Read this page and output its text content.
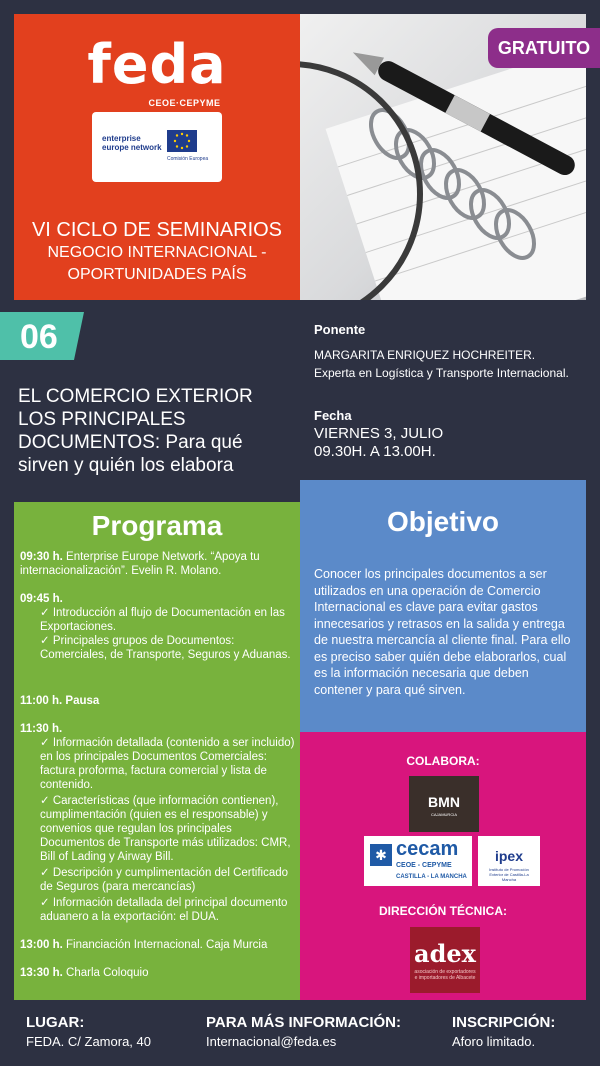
feda
CEOE·CEPYME
enterprise europe network
Comisión Europea
VI CICLO DE SEMINARIOS
NEGOCIO INTERNACIONAL -
OPORTUNIDADES PAÍS
GRATUITO
06
EL COMERCIO EXTERIOR LOS PRINCIPALES DOCUMENTOS: Para qué sirven y quién los elabora
Ponente
MARGARITA ENRIQUEZ HOCHREITER.
Experta en Logística y Transporte Internacional.
Fecha
VIERNES 3, JULIO
09.30H. A 13.00H.
Programa
09:30 h. Enterprise Europe Network. “Apoya tu internacionalización”. Evelin R. Molano.
09:45 h.
✓ Introducción al flujo de Documentación en las Exportaciones.
✓ Principales grupos de Documentos: Comerciales, de Transporte, Seguros y Aduanas.
11:00 h. Pausa
11:30 h.
✓ Información detallada (contenido a ser incluido) en los principales Documentos Comerciales: factura proforma, factura comercial y lista de contenido.
✓ Características (que información contienen), cumplimentación (quien es el responsable) y convenios que regulan los principales Documentos de Transporte más utilizados: CMR, Bill of Lading y Airway Bill.
✓ Descripción y cumplimentación del Certificado de Seguros (para mercancías)
✓ Información detallada del principal documento aduanero a la exportación: el DUA.
13:00 h. Financiación Internacional. Caja Murcia
13:30 h. Charla Coloquio
Objetivo
Conocer los principales documentos a ser utilizados en una operación de Comercio Internacional es clave para evitar gastos innecesarios y retrasos en la salida y entrega de nuestra mercancía al cliente final. Para ello es preciso saber quién debe elaborarlos, cual es la información necesaria que deben contener y para qué sirven.
COLABORA:
BMN
CAJAMURCIA
✱ cecam
CEOE - CEPYME
CASTILLA - LA MANCHA
ipex
Instituto de Promoción Exterior de Castilla-La Mancha
DIRECCIÓN TÉCNICA:
adex
asociación de exportadores e importadores de Albacete
LUGAR:
FEDA. C/ Zamora, 40
PARA MÁS INFORMACIÓN:
Internacional@feda.es
INSCRIPCIÓN:
Aforo limitado.
